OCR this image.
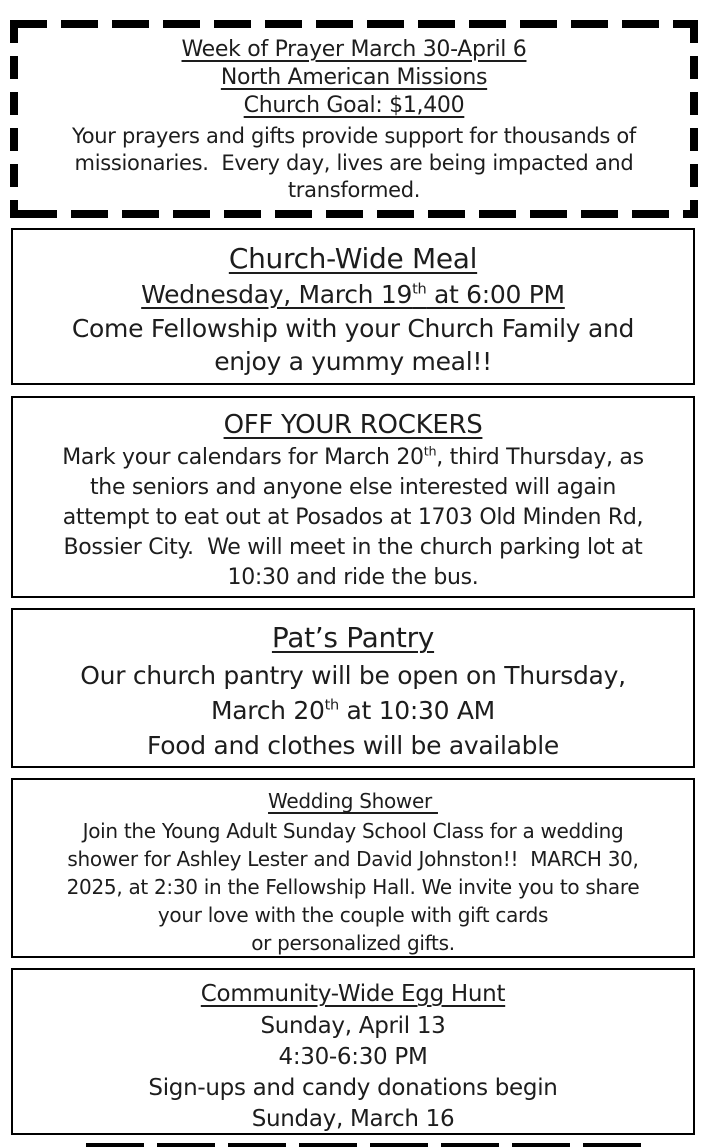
Week of Prayer March 30-April 6
North American Missions
Church Goal: $1,400
Your prayers and gifts provide support for thousands of
missionaries.  Every day, lives are being impacted and
transformed.
Church-Wide Meal
Wednesday, March 19th at 6:00 PM
Come Fellowship with your Church Family and
enjoy a yummy meal!!
OFF YOUR ROCKERS
Mark your calendars for March 20th, third Thursday, as
the seniors and anyone else interested will again
attempt to eat out at Posados at 1703 Old Minden Rd,
Bossier City.  We will meet in the church parking lot at
10:30 and ride the bus.
Pat’s Pantry
Our church pantry will be open on Thursday,
March 20th at 10:30 AM
Food and clothes will be available
Wedding Shower
Join the Young Adult Sunday School Class for a wedding
shower for Ashley Lester and David Johnston!!  MARCH 30,
2025, at 2:30 in the Fellowship Hall. We invite you to share
your love with the couple with gift cards
or personalized gifts.
Community-Wide Egg Hunt
Sunday, April 13
4:30-6:30 PM
Sign-ups and candy donations begin
Sunday, March 16
